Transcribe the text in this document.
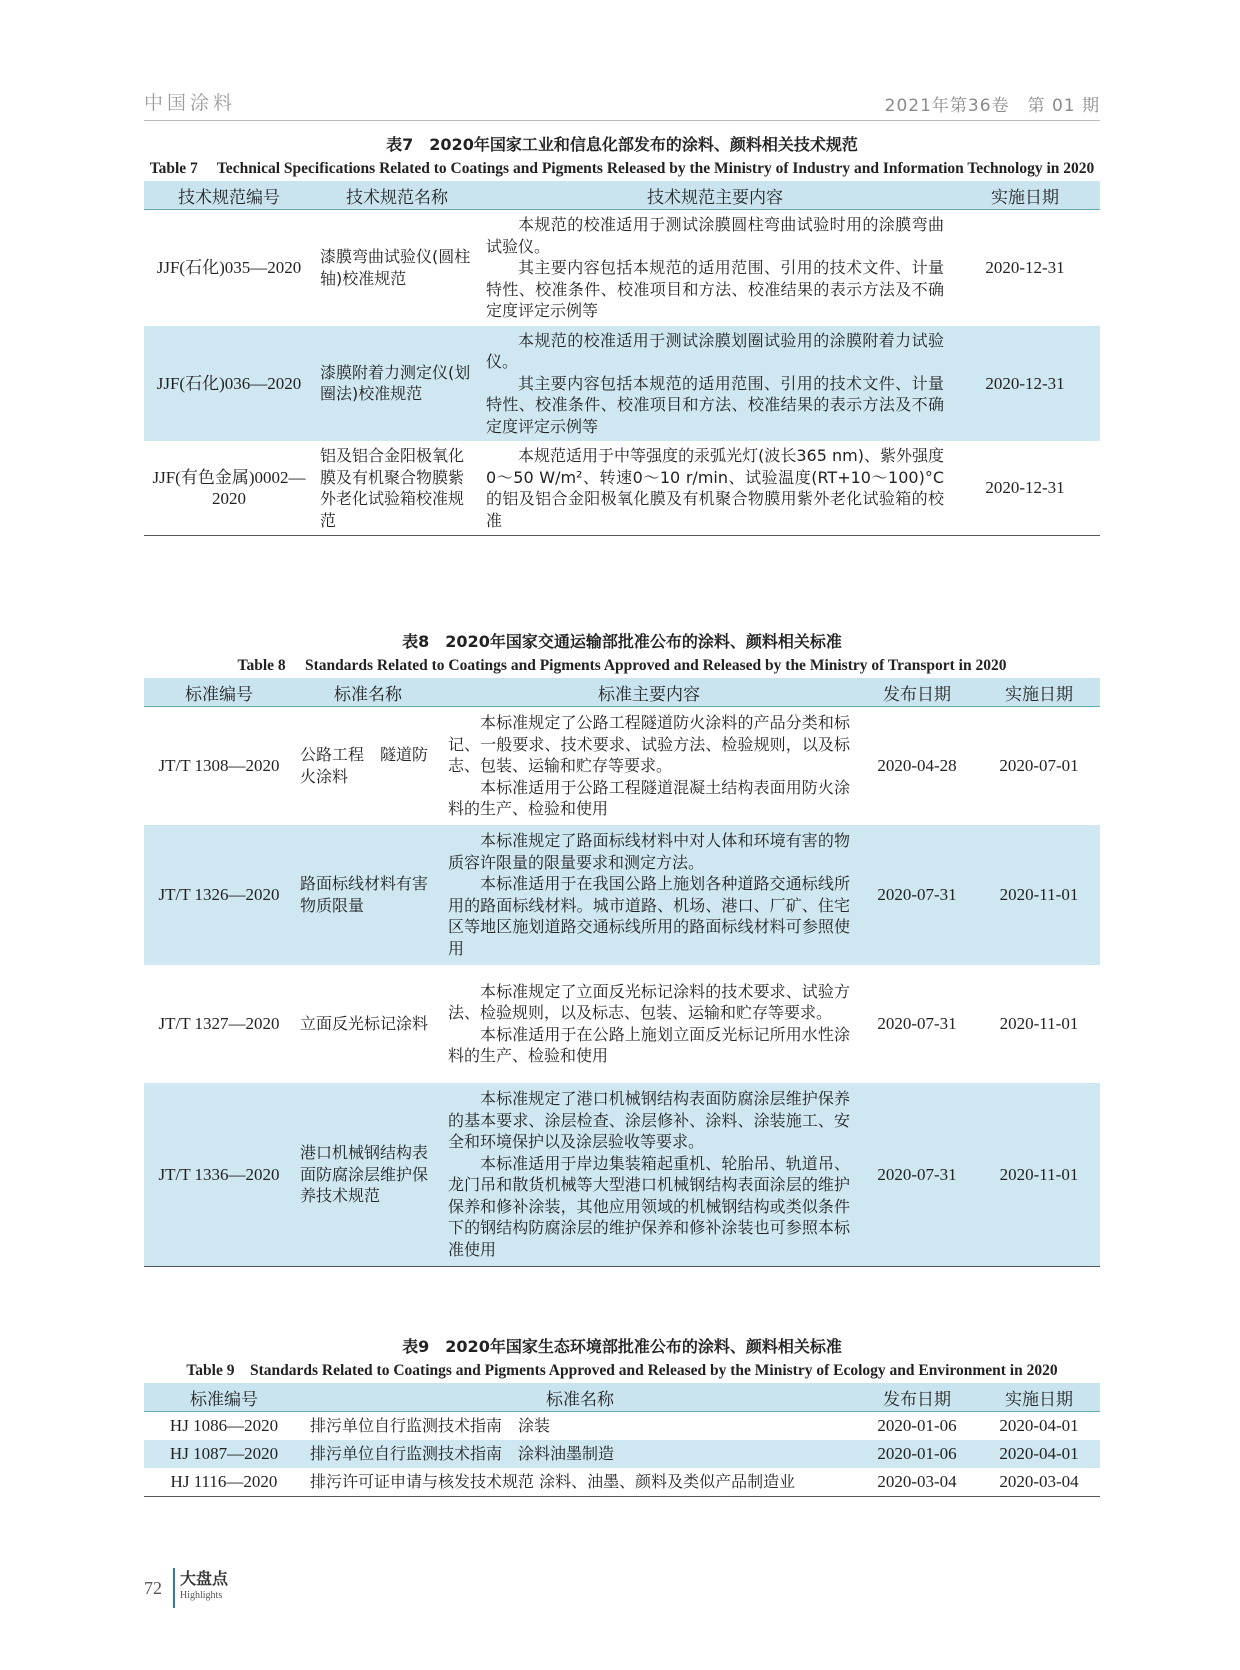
中国涂料	2021年第36卷　第 01 期
表7　2020年国家工业和信息化部发布的涂料、颜料相关技术规范
Table 7　 Technical Specifications Related to Coatings and Pigments Released by the Ministry of Industry and Information Technology in 2020
技术规范编号	技术规范名称	技术规范主要内容	实施日期
JJF(石化)035—2020	漆膜弯曲试验仪(圆柱轴)校准规范	本规范的校准适用于测试涂膜圆柱弯曲试验时用的涂膜弯曲试验仪。

其主要内容包括本规范的适用范围、引用的技术文件、计量特性、校准条件、校准项目和方法、校准结果的表示方法及不确定度评定示例等	2020-12-31
JJF(石化)036—2020	漆膜附着力测定仪(划圈法)校准规范	本规范的校准适用于测试涂膜划圈试验用的涂膜附着力试验仪。

其主要内容包括本规范的适用范围、引用的技术文件、计量特性、校准条件、校准项目和方法、校准结果的表示方法及不确定度评定示例等	2020-12-31
JJF(有色金属)0002—2020	铝及铝合金阳极氧化膜及有机聚合物膜紫外老化试验箱校准规范	本规范适用于中等强度的汞弧光灯(波长365 nm)、紫外强度0～50 W/m²、转速0～10 r/min、试验温度(RT+10～100)°C的铝及铝合金阳极氧化膜及有机聚合物膜用紫外老化试验箱的校准	2020-12-31
表8　2020年国家交通运输部批准公布的涂料、颜料相关标准
Table 8　 Standards Related to Coatings and Pigments Approved and Released by the Ministry of Transport in 2020
标准编号	标准名称	标准主要内容	发布日期	实施日期
JT/T 1308—2020	公路工程　隧道防火涂料	本标准规定了公路工程隧道防火涂料的产品分类和标记、一般要求、技术要求、试验方法、检验规则，以及标志、包装、运输和贮存等要求。

本标准适用于公路工程隧道混凝土结构表面用防火涂料的生产、检验和使用	2020-04-28	2020-07-01
JT/T 1326—2020	路面标线材料有害物质限量	本标准规定了路面标线材料中对人体和环境有害的物质容许限量的限量要求和测定方法。

本标准适用于在我国公路上施划各种道路交通标线所用的路面标线材料。城市道路、机场、港口、厂矿、住宅区等地区施划道路交通标线所用的路面标线材料可参照使用	2020-07-31	2020-11-01
JT/T 1327—2020	立面反光标记涂料	本标准规定了立面反光标记涂料的技术要求、试验方法、检验规则，以及标志、包装、运输和贮存等要求。

本标准适用于在公路上施划立面反光标记所用水性涂料的生产、检验和使用	2020-07-31	2020-11-01
JT/T 1336—2020	港口机械钢结构表面防腐涂层维护保养技术规范	本标准规定了港口机械钢结构表面防腐涂层维护保养的基本要求、涂层检查、涂层修补、涂料、涂装施工、安全和环境保护以及涂层验收等要求。

本标准适用于岸边集装箱起重机、轮胎吊、轨道吊、龙门吊和散货机械等大型港口机械钢结构表面涂层的维护保养和修补涂装，其他应用领域的机械钢结构或类似条件下的钢结构防腐涂层的维护保养和修补涂装也可参照本标准使用	2020-07-31	2020-11-01
表9　2020年国家生态环境部批准公布的涂料、颜料相关标准
Table 9　Standards Related to Coatings and Pigments Approved and Released by the Ministry of Ecology and Environment in 2020
标准编号	标准名称	发布日期	实施日期
HJ 1086—2020	排污单位自行监测技术指南　涂装	2020-01-06	2020-04-01
HJ 1087—2020	排污单位自行监测技术指南　涂料油墨制造	2020-01-06	2020-04-01
HJ 1116—2020	排污许可证申请与核发技术规范 涂料、油墨、颜料及类似产品制造业	2020-03-04	2020-03-04
72 大盘点
Highlights
